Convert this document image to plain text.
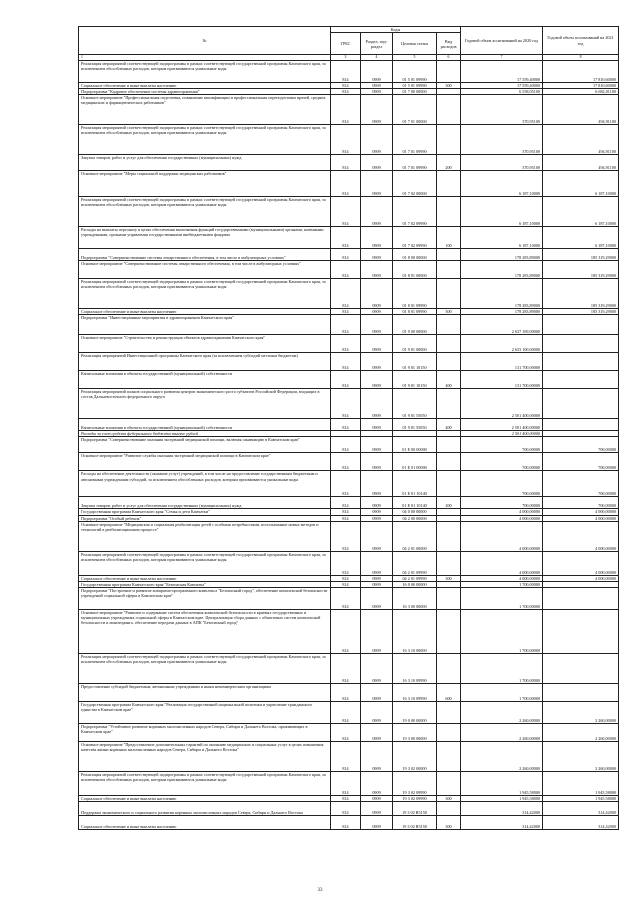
№	Коды				Годовой объем ассигнований на 2020 год	Годовой объем ассигнований на 2021 год
	ГРБС	Раздел, под-раздел	Целевая статья	Вид расходов		
1	3	4	5	6	7	8
Реализация мероприятий соответствующей подпрограммы в рамках соответствующей государственной программы Камчатского края, за исключением обособленных расходов, которым присваиваются уникальные коды	814	0909	01 5 01 09990		17 559,40000	17 810,60000
Социальное обеспечение и иные выплаты населению	814	0909	01 5 01 09990	300	17 559,40000	17 810,60000
Подпрограмма "Кадровое обеспечение системы здравоохранения"	814	0909	01 7 00 00000		6 558,05100	6 682,01100
Основное мероприятие "Профессиональная подготовка, повышение квалификации и профессиональная переподготовка врачей, средних медицинских и фармацевтических работников"	814	0909	01 7 01 00000		370,95100	494,91100
Реализация мероприятий соответствующей подпрограммы в рамках соответствующей государственной программы Камчатского края, за исключением обособленных расходов, которым присваиваются уникальные коды	814	0909	01 7 01 09990		370,95100	494,91100
Закупка товаров, работ и услуг для обеспечения государственных (муниципальных) нужд	814	0909	01 7 01 09990	200	370,95100	494,91100
Основное мероприятие "Меры социальной поддержки медицинских работников"	814	0909	01 7 02 00000		6 187,10000	6 187,10000
Реализация мероприятий соответствующей подпрограммы в рамках соответствующей государственной программы Камчатского края, за исключением обособленных расходов, которым присваиваются уникальные коды	814	0909	01 7 02 09990		6 187,10000	6 187,10000
Расходы на выплаты персоналу в целях обеспечения выполнения функций государственными (муниципальными) органами, казенными учреждениями, органами управления государственными внебюджетными фондами	814	0909	01 7 02 09990	100	6 187,10000	6 187,10000
Подпрограмма "Совершенствование системы лекарственного обеспечения, в том числе в амбулаторных условиях"	814	0909	01 8 00 00000		178 283,89000	185 319,29000
Основное мероприятие "Совершенствование системы лекарственного обеспечения, в том числе в амбулаторных условиях"	814	0909	01 8 01 00000		178 283,89000	185 319,29000
Реализация мероприятий соответствующей подпрограммы в рамках соответствующей государственной программы Камчатского края, за исключением обособленных расходов, которым присваиваются уникальные коды	814	0909	01 8 01 09990		178 283,89000	185 319,29000
Социальное обеспечение и иные выплаты населению	814	0909	01 8 01 09990	300	178 283,89000	185 319,29000
Подпрограмма "Инвестиционные мероприятия в здравоохранении Камчатского края"	814	0909	01 9 00 00000		2 637 169,00000	
Основное мероприятие "Строительство и реконструкция объектов здравоохранения Камчатского края"	814	0909	01 9 01 00000		2 633 100,00000	
Реализация мероприятий Инвестиционной программы Камчатского края (за исключением субсидий местным бюджетам)	814	0909	01 9 01 10150		131 700,00000	
Капитальные вложения в объекты государственной (муниципальной) собственности	814	0909	01 9 01 10150	400	131 700,00000	
Реализация мероприятий планов социального развития центров экономического роста субъектов Российской Федерации, входящих в состав Дальневосточного федерального округа	814	0909	01 9 01 55050		2 501 400,00000	
Капитальные вложения в объекты государственной (муниципальной) собственности	814	0909	01 9 01 55050	400	2 501 400,00000	
Расходы за счет средств федерального бюджета тысяче рублей					2 501 400,00000	
Подпрограмма "Совершенствование оказания экстренной медицинской помощи, включая санавиацию в Камчатском крае"	814	0909	01 E 00 00000		700,00000	700,00000
Основное мероприятие "Развитие службы оказания экстренной медицинской помощи в Камчатском крае"	814	0909	01 E 01 00000		700,00000	700,00000
Расходы на обеспечение деятельности (оказание услуг) учреждений, в том числе на предоставление государственным бюджетным и автономным учреждениям субсидий, за исключением обособленных расходов, которым присваиваются уникальные коды	814	0909	01 E 01 10140		700,00000	700,00000
Закупка товаров, работ и услуг для обеспечения государственных (муниципальных) нужд	814	0909	01 E 01 10140	200	700,00000	700,00000
Государственная программа Камчатского края "Семья и дети Камчатки"	814	0909	04 0 00 00000		4 000,00000	4 000,00000
Подпрограмма "Особый ребенок"	814	0909	04 2 00 00000		4 000,00000	4 000,00000
Основное мероприятие "Медицинская и социальная реабилитация детей с особыми потребностями, использование новых методов и технологий в реабилитационном процессе"	814	0909	04 2 01 00000		4 000,00000	4 000,00000
Реализация мероприятий соответствующей подпрограммы в рамках соответствующей государственной программы Камчатского края, за исключением обособленных расходов, которым присваиваются уникальные коды	814	0909	04 2 01 09990		4 000,00000	4 000,00000
Социальное обеспечение и иные выплаты населению	814	0909	04 2 01 09990	300	4 000,00000	4 000,00000
Государственная программа Камчатского края "Безопасная Камчатка"	814	0909	16 0 00 00000		1 700,00000	
Подпрограмма "Построение и развитие аппаратно-программного комплекса "Безопасный город", обеспечение комплексной безопасности учреждений социальной сферы в Камчатском крае"	814	0909	16 3 00 00000		1 700,00000	
Основное мероприятие "Развитие и содержание систем обеспечения комплексной безопасности в краевых государственных и муниципальных учреждениях социальной сферы в Камчатском крае. Централизация сбора данных с объектовых систем комплексной безопасности и мониторинга, обеспечение передачи данных в АПК "Безопасный город"	814	0909	16 3 10 00000		1 700,00000	
Реализация мероприятий соответствующей подпрограммы в рамках соответствующей государственной программы Камчатского края, за исключением обособленных расходов, которым присваиваются уникальные коды	814	0909	16 3 10 09990		1 700,00000	
Предоставление субсидий бюджетным, автономным учреждениям и иным некоммерческим организациям	814	0909	16 3 10 09990	600	1 700,00000	
Государственная программа Камчатского края "Реализация государственной национальной политики и укрепление гражданского единства в Камчатском крае"	814	0909	19 0 00 00000		2 260,00000	2 260,00000
Подпрограмма "Устойчивое развитие коренных малочисленных народов Севера, Сибири и Дальнего Востока, проживающих в Камчатском крае"	814	0909	19 3 00 00000		2 260,00000	2 260,00000
Основное мероприятие "Предоставление дополнительных гарантий по оказанию медицинских и социальных услуг в целях повышения качества жизни коренных малочисленных народов Севера, Сибири и Дальнего Востока"	814	0909	19 3 02 00000		2 260,00000	2 260,00000
Реализация мероприятий соответствующей подпрограммы в рамках соответствующей государственной программы Камчатского края, за исключением обособленных расходов, которым присваиваются уникальные коды	814	0909	19 3 02 09990		1 945,58000	1 945,58000
Социальное обеспечение и иные выплаты населению	814	0909	19 3 02 09990	300	1 945,58000	1 945,58000
Поддержка экономического и социального развития коренных малочисленных народов Севера, Сибири и Дальнего Востока	814	0909	19 3 02 R5150		314,42000	314,42000
Социальное обеспечение и иные выплаты населению	814	0909	19 3 02 R5150	300	314,42000	314,42000
33
